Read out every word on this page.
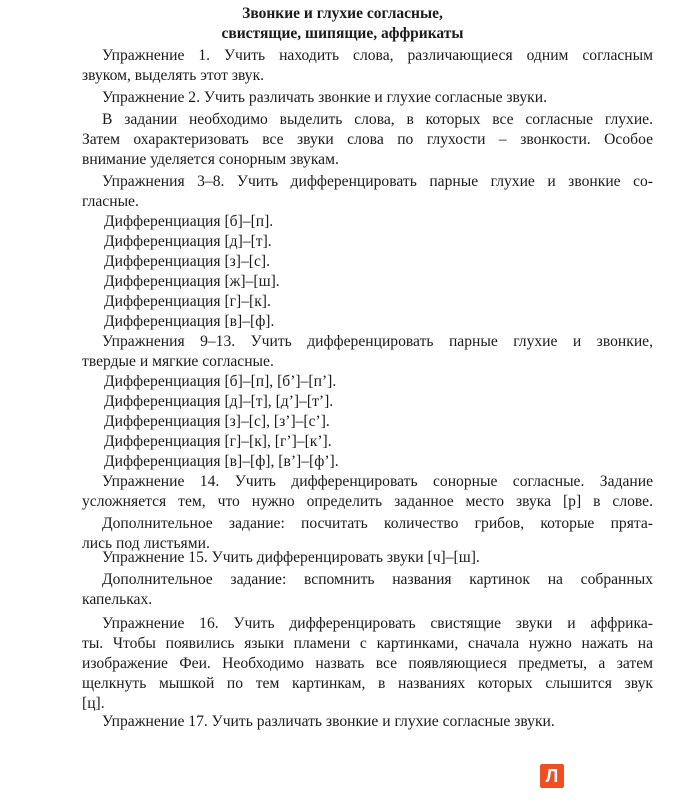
Звонкие и глухие согласные,
свистящие, шипящие, аффрикаты
Упражнение 1. Учить находить слова, различающиеся одним согласным
звуком, выделять этот звук.
Упражнение 2. Учить различать звонкие и глухие согласные звуки.
В задании необходимо выделить слова, в которых все согласные глухие.
Затем охарактеризовать все звуки слова по глухости – звонкости. Особое
внимание уделяется сонорным звукам.
Упражнения 3–8. Учить дифференцировать парные глухие и звонкие со-
гласные.
Дифференциация [б]–[п].
Дифференциация [д]–[т].
Дифференциация [з]–[с].
Дифференциация [ж]–[ш].
Дифференциация [г]–[к].
Дифференциация [в]–[ф].
Упражнения 9–13. Учить дифференцировать парные глухие и звонкие,
твердые и мягкие согласные.
Дифференциация [б]–[п], [б’]–[п’].
Дифференциация [д]–[т], [д’]–[т’].
Дифференциация [з]–[с], [з’]–[с’].
Дифференциация [г]–[к], [г’]–[к’].
Дифференциация [в]–[ф], [в’]–[ф’].
Упражнение 14. Учить дифференцировать сонорные согласные. Задание
усложняется тем, что нужно определить заданное место звука [р] в слове.
Дополнительное задание: посчитать количество грибов, которые прята-
лись под листьями.
Упражнение 15. Учить дифференцировать звуки [ч]–[ш].
Дополнительное задание: вспомнить названия картинок на собранных
капельках.
Упражнение 16. Учить дифференцировать свистящие звуки и аффрика-
ты. Чтобы появились языки пламени с картинками, сначала нужно нажать на
изображение Феи. Необходимо назвать все появляющиеся предметы, а затем
щелкнуть мышкой по тем картинкам, в названиях которых слышится звук
[ц].
Упражнение 17. Учить различать звонкие и глухие согласные звуки.
Л
